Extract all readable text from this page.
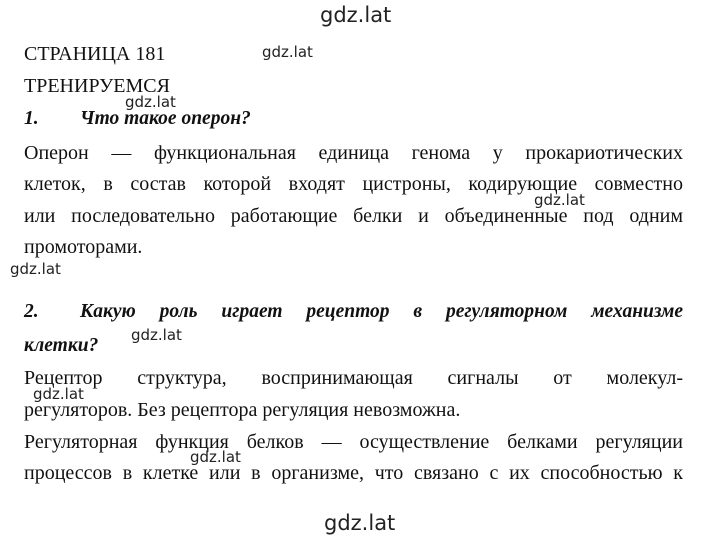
gdz.lat
gdz.lat
gdz.lat
gdz.lat
gdz.lat
gdz.lat
gdz.lat
gdz.lat
gdz.lat
СТРАНИЦА 181
ТРЕНИРУЕМСЯ
1. Что такое оперон?
Оперон — функциональная единица генома у прокариотических
клеток, в состав которой входят цистроны, кодирующие совместно
или последовательно работающие белки и объединенные под одним
промоторами.
2. Какую роль играет рецептор в регуляторном механизме
клетки?
Рецептор структура, воспринимающая сигналы от молекул-
регуляторов. Без рецептора регуляция невозможна.
Регуляторная функция белков — осуществление белками регуляции
процессов в клетке или в организме, что связано с их способностью к
